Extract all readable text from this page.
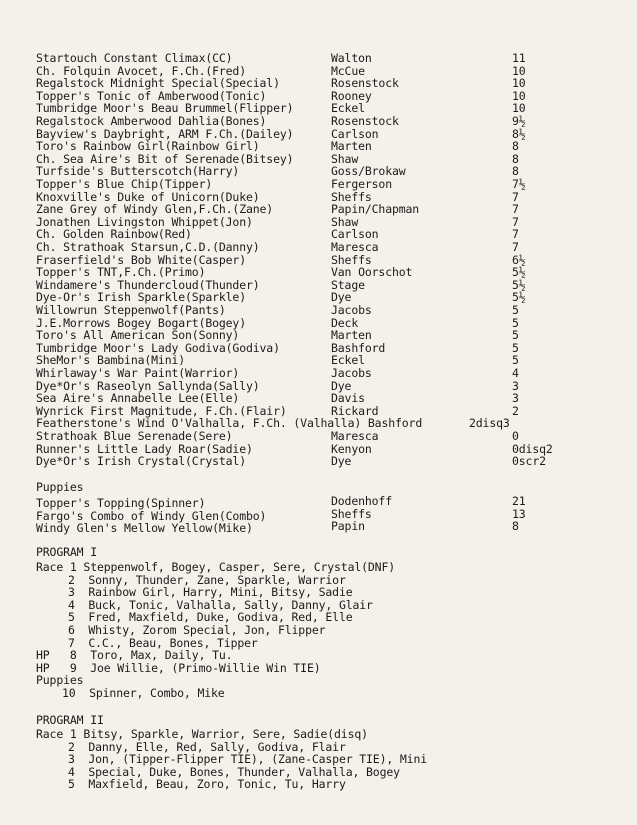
Startouch Constant Climax(CC)	Walton	11
Ch. Folquin Avocet, F.Ch.(Fred)	McCue	10
Regalstock Midnight Special(Special)	Rosenstock	10
Topper's Tonic of Amberwood(Tonic)	Rooney	10
Tumbridge Moor's Beau Brummel(Flipper)	Eckel	10
Regalstock Amberwood Dahlia(Bones)	Rosenstock	9½
Bayview's Daybright, ARM F.Ch.(Dailey)	Carlson	8½
Toro's Rainbow Girl(Rainbow Girl)	Marten	8
Ch. Sea Aire's Bit of Serenade(Bitsey)	Shaw	8
Turfside's Butterscotch(Harry)	Goss/Brokaw	8
Topper's Blue Chip(Tipper)	Fergerson	7½
Knoxville's Duke of Unicorn(Duke)	Sheffs	7
Zane Grey of Windy Glen,F.Ch.(Zane)	Papin/Chapman	7
Jonathen Livingston Whippet(Jon)	Shaw	7
Ch. Golden Rainbow(Red)	Carlson	7
Ch. Strathoak Starsun,C.D.(Danny)	Maresca	7
Fraserfield's Bob White(Casper)	Sheffs	6½
Topper's TNT,F.Ch.(Primo)	Van Oorschot	5½
Windamere's Thundercloud(Thunder)	Stage	5½
Dye-Or's Irish Sparkle(Sparkle)	Dye	5½
Willowrun Steppenwolf(Pants)	Jacobs	5
J.E.Morrows Bogey Bogart(Bogey)	Deck	5
Toro's All American Son(Sonny)	Marten	5
Tumbridge Moor's Lady Godiva(Godiva)	Bashford	5
SheMor's Bambina(Mini)	Eckel	5
Whirlaway's War Paint(Warrior)	Jacobs	4
Dye*Or's Raseolyn Sallynda(Sally)	Dye	3
Sea Aire's Annabelle Lee(Elle)	Davis	3
Wynrick First Magnitude, F.Ch.(Flair)	Rickard	2
Featherstone's Wind O'Valhalla, F.Ch. (Valhalla) Bashford	2disq3
Strathoak Blue Serenade(Sere)	Maresca	0
Runner's Little Lady Roar(Sadie)	Kenyon	0disq2
Dye*Or's Irish Crystal(Crystal)	Dye	0scr2
Puppies
Topper's Topping(Spinner)	Dodenhoff	21
Fargo's Combo of Windy Glen(Combo)	Sheffs	13
Windy Glen's Mellow Yellow(Mike)	Papin	8
PROGRAM I
Race 1 Steppenwolf, Bogey, Casper, Sere, Crystal(DNF)
2  Sonny, Thunder, Zane, Sparkle, Warrior
3  Rainbow Girl, Harry, Mini, Bitsy, Sadie
4  Buck, Tonic, Valhalla, Sally, Danny, Glair
5  Fred, Maxfield, Duke, Godiva, Red, Elle
6  Whisty, Zorom Special, Jon, Flipper
7  C.C., Beau, Bones, Tipper
HP   8  Toro, Max, Daily, Tu.
HP   9  Joe Willie, (Primo-Willie Win TIE)
Puppies
10  Spinner, Combo, Mike
PROGRAM II
Race 1 Bitsy, Sparkle, Warrior, Sere, Sadie(disq)
2  Danny, Elle, Red, Sally, Godiva, Flair
3  Jon, (Tipper-Flipper TIE), (Zane-Casper TIE), Mini
4  Special, Duke, Bones, Thunder, Valhalla, Bogey
5  Maxfield, Beau, Zoro, Tonic, Tu, Harry
